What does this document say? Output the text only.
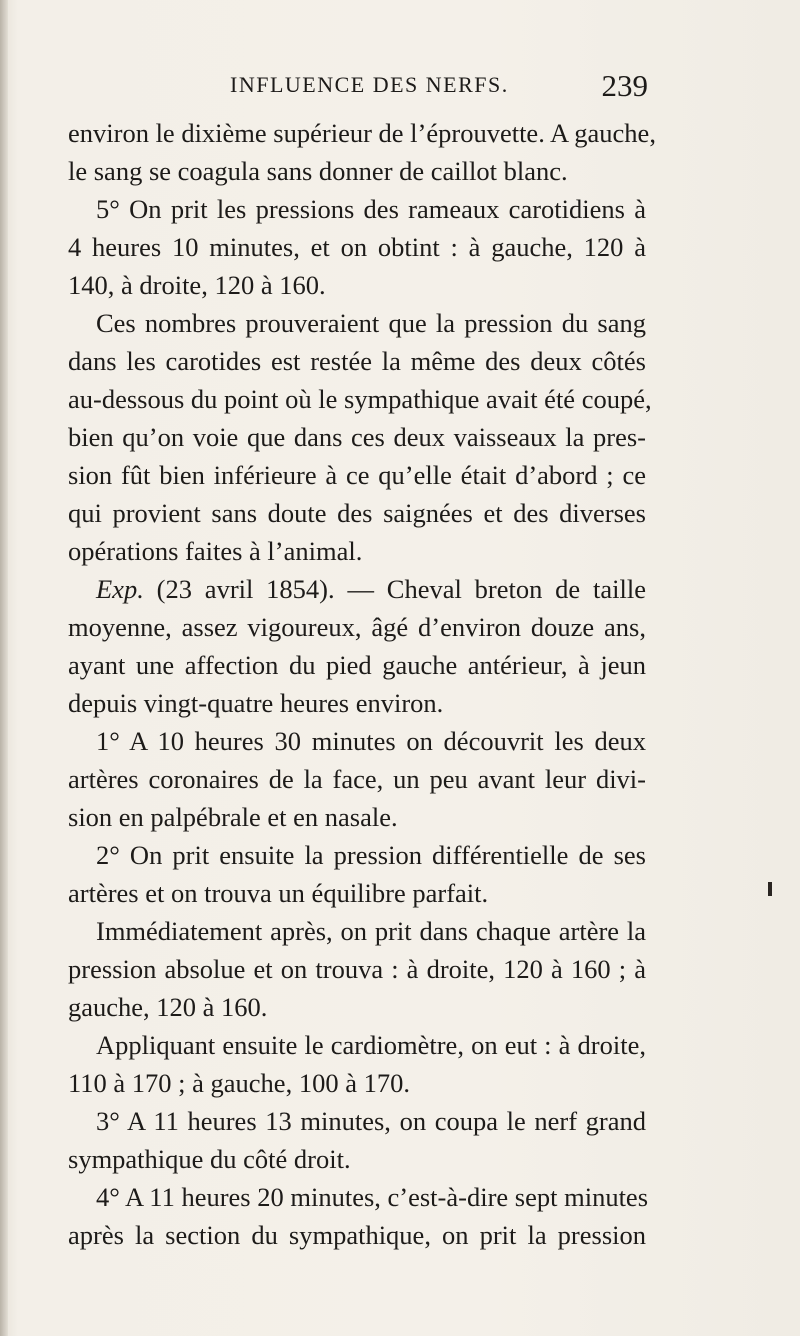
INFLUENCE DES NERFS.	239
environ le dixième supérieur de l’éprouvette. A gauche,
le sang se coagula sans donner de caillot blanc.
5° On prit les pressions des rameaux carotidiens à
4 heures 10 minutes, et on obtint : à gauche, 120 à
140, à droite, 120 à 160.
Ces nombres prouveraient que la pression du sang
dans les carotides est restée la même des deux côtés
au-dessous du point où le sympathique avait été coupé,
bien qu’on voie que dans ces deux vaisseaux la pres-
sion fût bien inférieure à ce qu’elle était d’abord ; ce
qui provient sans doute des saignées et des diverses
opérations faites à l’animal.
Exp. (23 avril 1854). — Cheval breton de taille
moyenne, assez vigoureux, âgé d’environ douze ans,
ayant une affection du pied gauche antérieur, à jeun
depuis vingt-quatre heures environ.
1° A 10 heures 30 minutes on découvrit les deux
artères coronaires de la face, un peu avant leur divi-
sion en palpébrale et en nasale.
2° On prit ensuite la pression différentielle de ses
artères et on trouva un équilibre parfait.
Immédiatement après, on prit dans chaque artère la
pression absolue et on trouva : à droite, 120 à 160 ; à
gauche, 120 à 160.
Appliquant ensuite le cardiomètre, on eut : à droite,
110 à 170 ; à gauche, 100 à 170.
3° A 11 heures 13 minutes, on coupa le nerf grand
sympathique du côté droit.
4° A 11 heures 20 minutes, c’est-à-dire sept minutes
après la section du sympathique, on prit la pression
